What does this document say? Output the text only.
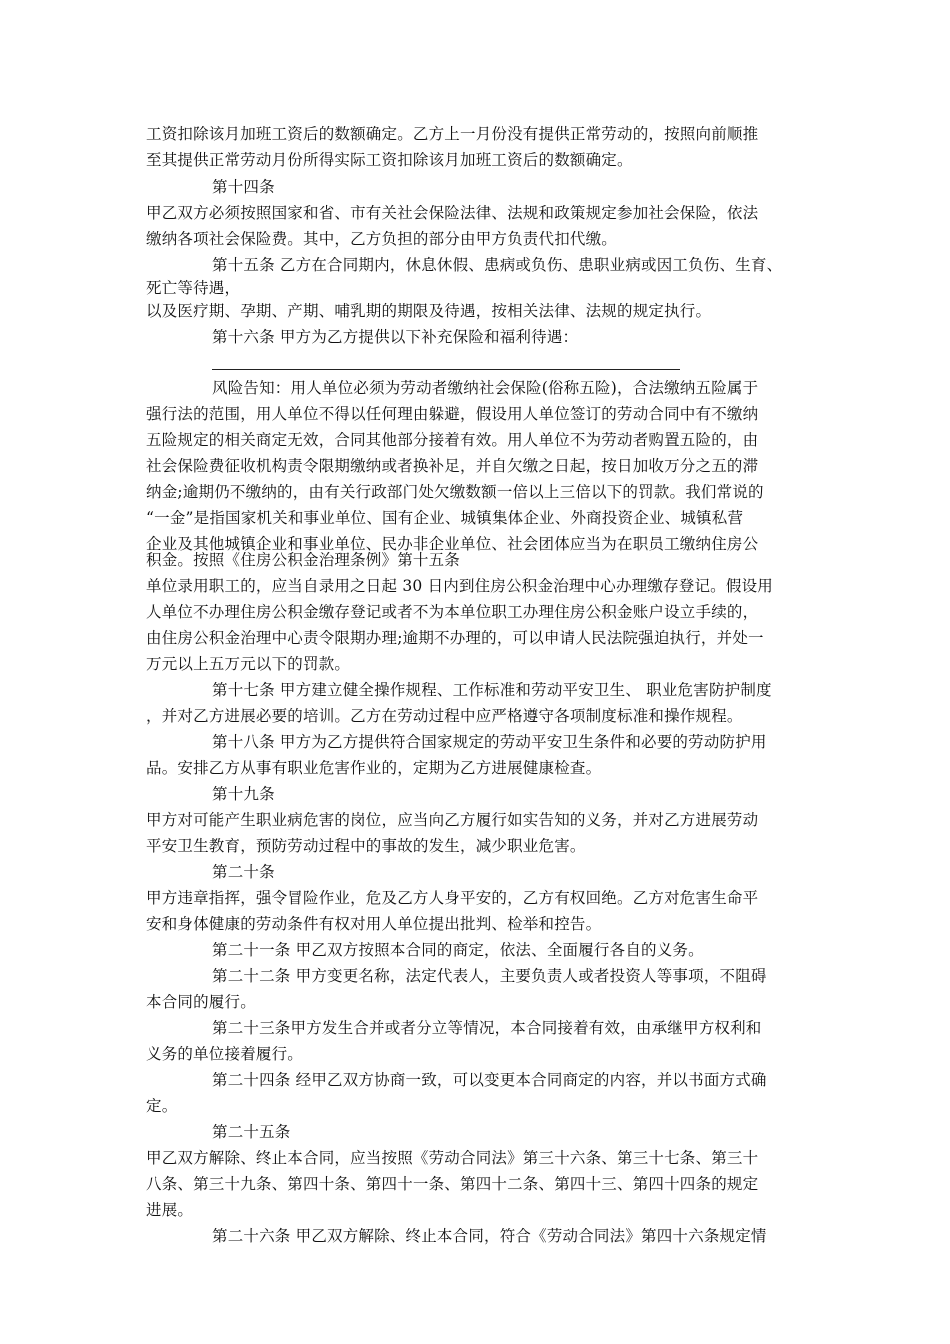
工资扣除该月加班工资后的数额确定。乙方上一月份没有提供正常劳动的，按照向前顺推
至其提供正常劳动月份所得实际工资扣除该月加班工资后的数额确定。
第十四条
甲乙双方必须按照国家和省、市有关社会保险法律、法规和政策规定参加社会保险，依法
缴纳各项社会保险费。其中，乙方负担的部分由甲方负责代扣代缴。
第十五条 乙方在合同期内，休息休假、患病或负伤、患职业病或因工负伤、生育、
死亡等待遇，
以及医疗期、孕期、产期、哺乳期的期限及待遇，按相关法律、法规的规定执行。
第十六条 甲方为乙方提供以下补充保险和福利待遇：
风险告知：用人单位必须为劳动者缴纳社会保险(俗称五险)，合法缴纳五险属于
强行法的范围，用人单位不得以任何理由躲避，假设用人单位签订的劳动合同中有不缴纳
五险规定的相关商定无效，合同其他部分接着有效。用人单位不为劳动者购置五险的，由
社会保险费征收机构责令限期缴纳或者换补足，并自欠缴之日起，按日加收万分之五的滞
纳金;逾期仍不缴纳的，由有关行政部门处欠缴数额一倍以上三倍以下的罚款。我们常说的
“一金”是指国家机关和事业单位、国有企业、城镇集体企业、外商投资企业、城镇私营
企业及其他城镇企业和事业单位、民办非企业单位、社会团体应当为在职员工缴纳住房公
积金。按照《住房公积金治理条例》第十五条
单位录用职工的，应当自录用之日起 30 日内到住房公积金治理中心办理缴存登记。假设用
人单位不办理住房公积金缴存登记或者不为本单位职工办理住房公积金账户设立手续的，
由住房公积金治理中心责令限期办理;逾期不办理的，可以申请人民法院强迫执行，并处一
万元以上五万元以下的罚款。
第十七条 甲方建立健全操作规程、工作标准和劳动平安卫生、 职业危害防护制度
，并对乙方进展必要的培训。乙方在劳动过程中应严格遵守各项制度标准和操作规程。
第十八条 甲方为乙方提供符合国家规定的劳动平安卫生条件和必要的劳动防护用
品。安排乙方从事有职业危害作业的，定期为乙方进展健康检查。
第十九条
甲方对可能产生职业病危害的岗位，应当向乙方履行如实告知的义务，并对乙方进展劳动
平安卫生教育，预防劳动过程中的事故的发生，减少职业危害。
第二十条
甲方违章指挥，强令冒险作业，危及乙方人身平安的，乙方有权回绝。乙方对危害生命平
安和身体健康的劳动条件有权对用人单位提出批判、检举和控告。
第二十一条 甲乙双方按照本合同的商定，依法、全面履行各自的义务。
第二十二条 甲方变更名称，法定代表人，主要负责人或者投资人等事项，不阻碍
本合同的履行。
第二十三条甲方发生合并或者分立等情况，本合同接着有效，由承继甲方权利和
义务的单位接着履行。
第二十四条 经甲乙双方协商一致，可以变更本合同商定的内容，并以书面方式确
定。
第二十五条
甲乙双方解除、终止本合同，应当按照《劳动合同法》第三十六条、第三十七条、第三十
八条、第三十九条、第四十条、第四十一条、第四十二条、第四十三、第四十四条的规定
进展。
第二十六条 甲乙双方解除、终止本合同，符合《劳动合同法》第四十六条规定情
